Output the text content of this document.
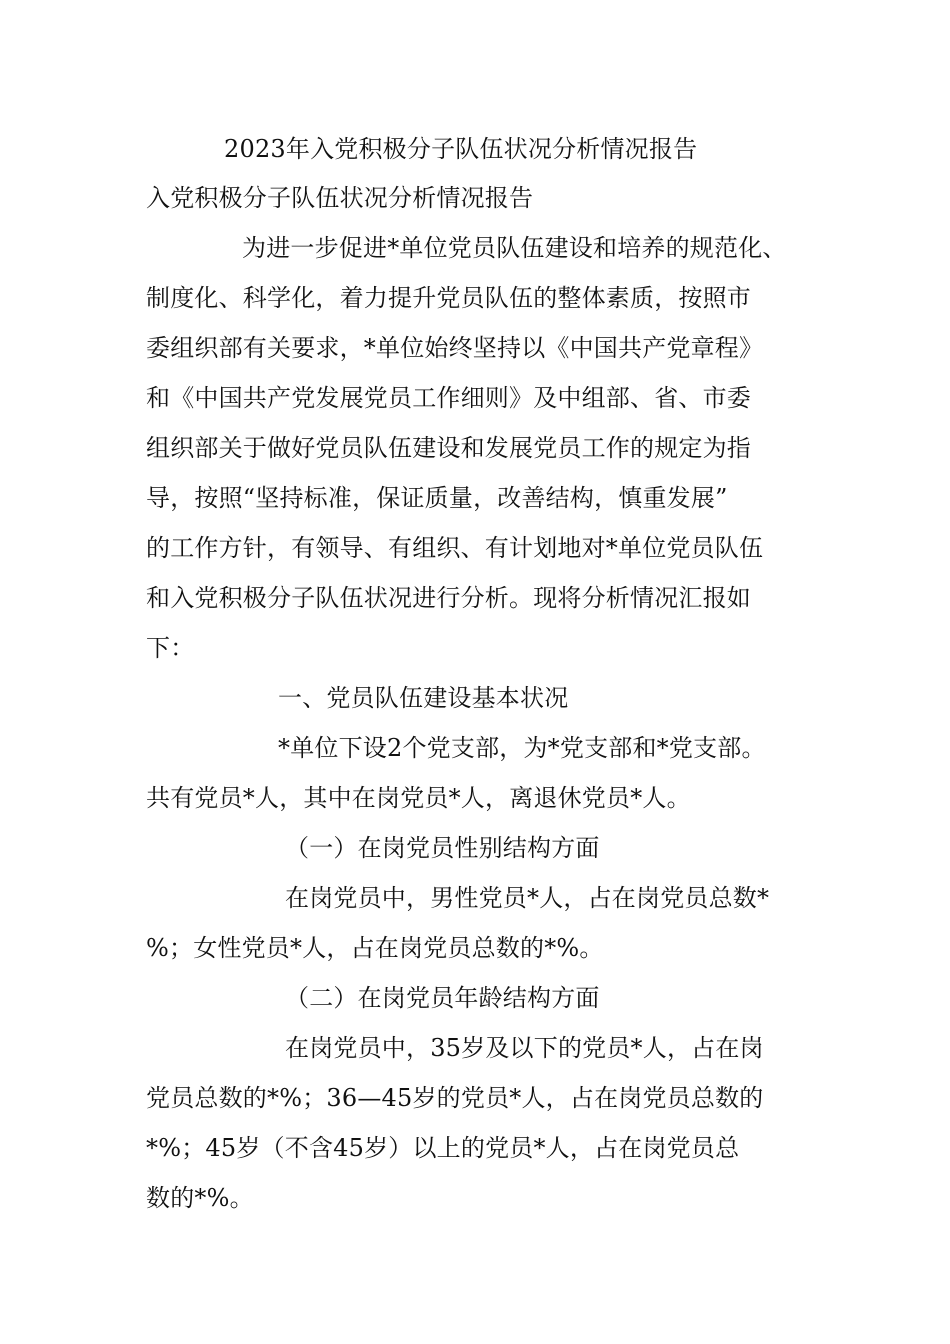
2023年入党积极分子队伍状况分析情况报告
入党积极分子队伍状况分析情况报告
为进一步促进*单位党员队伍建设和培养的规范化、
制度化、科学化，着力提升党员队伍的整体素质，按照市
委组织部有关要求，*单位始终坚持以《中国共产党章程》
和《中国共产党发展党员工作细则》及中组部、省、市委
组织部关于做好党员队伍建设和发展党员工作的规定为指
导，按照“坚持标准，保证质量，改善结构，慎重发展”
的工作方针，有领导、有组织、有计划地对*单位党员队伍
和入党积极分子队伍状况进行分析。现将分析情况汇报如
下：
一、党员队伍建设基本状况
*单位下设2个党支部，为*党支部和*党支部。
共有党员*人，其中在岗党员*人，离退休党员*人。
（一）在岗党员性别结构方面
在岗党员中，男性党员*人，占在岗党员总数*
%；女性党员*人，占在岗党员总数的*%。
（二）在岗党员年龄结构方面
在岗党员中，35岁及以下的党员*人，占在岗
党员总数的*%；36—45岁的党员*人，占在岗党员总数的
*%；45岁（不含45岁）以上的党员*人，占在岗党员总
数的*%。
